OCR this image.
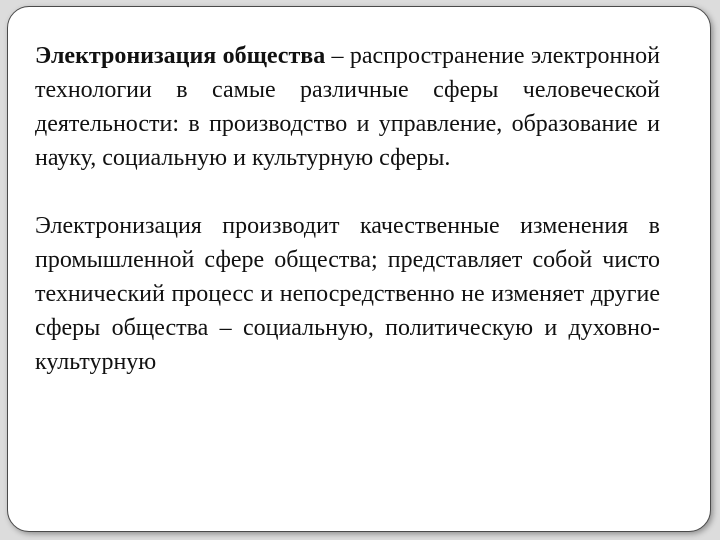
Электронизация общества – распространение электронной технологии в самые различные сферы человеческой деятельности: в производство и управление, образование и науку, социальную и культурную сферы.

Электронизация производит качественные изменения в промышленной сфере общества; представляет собой чисто технический процесс и непосредственно не изменяет другие сферы общества – социальную, политическую и духовно-культурную
